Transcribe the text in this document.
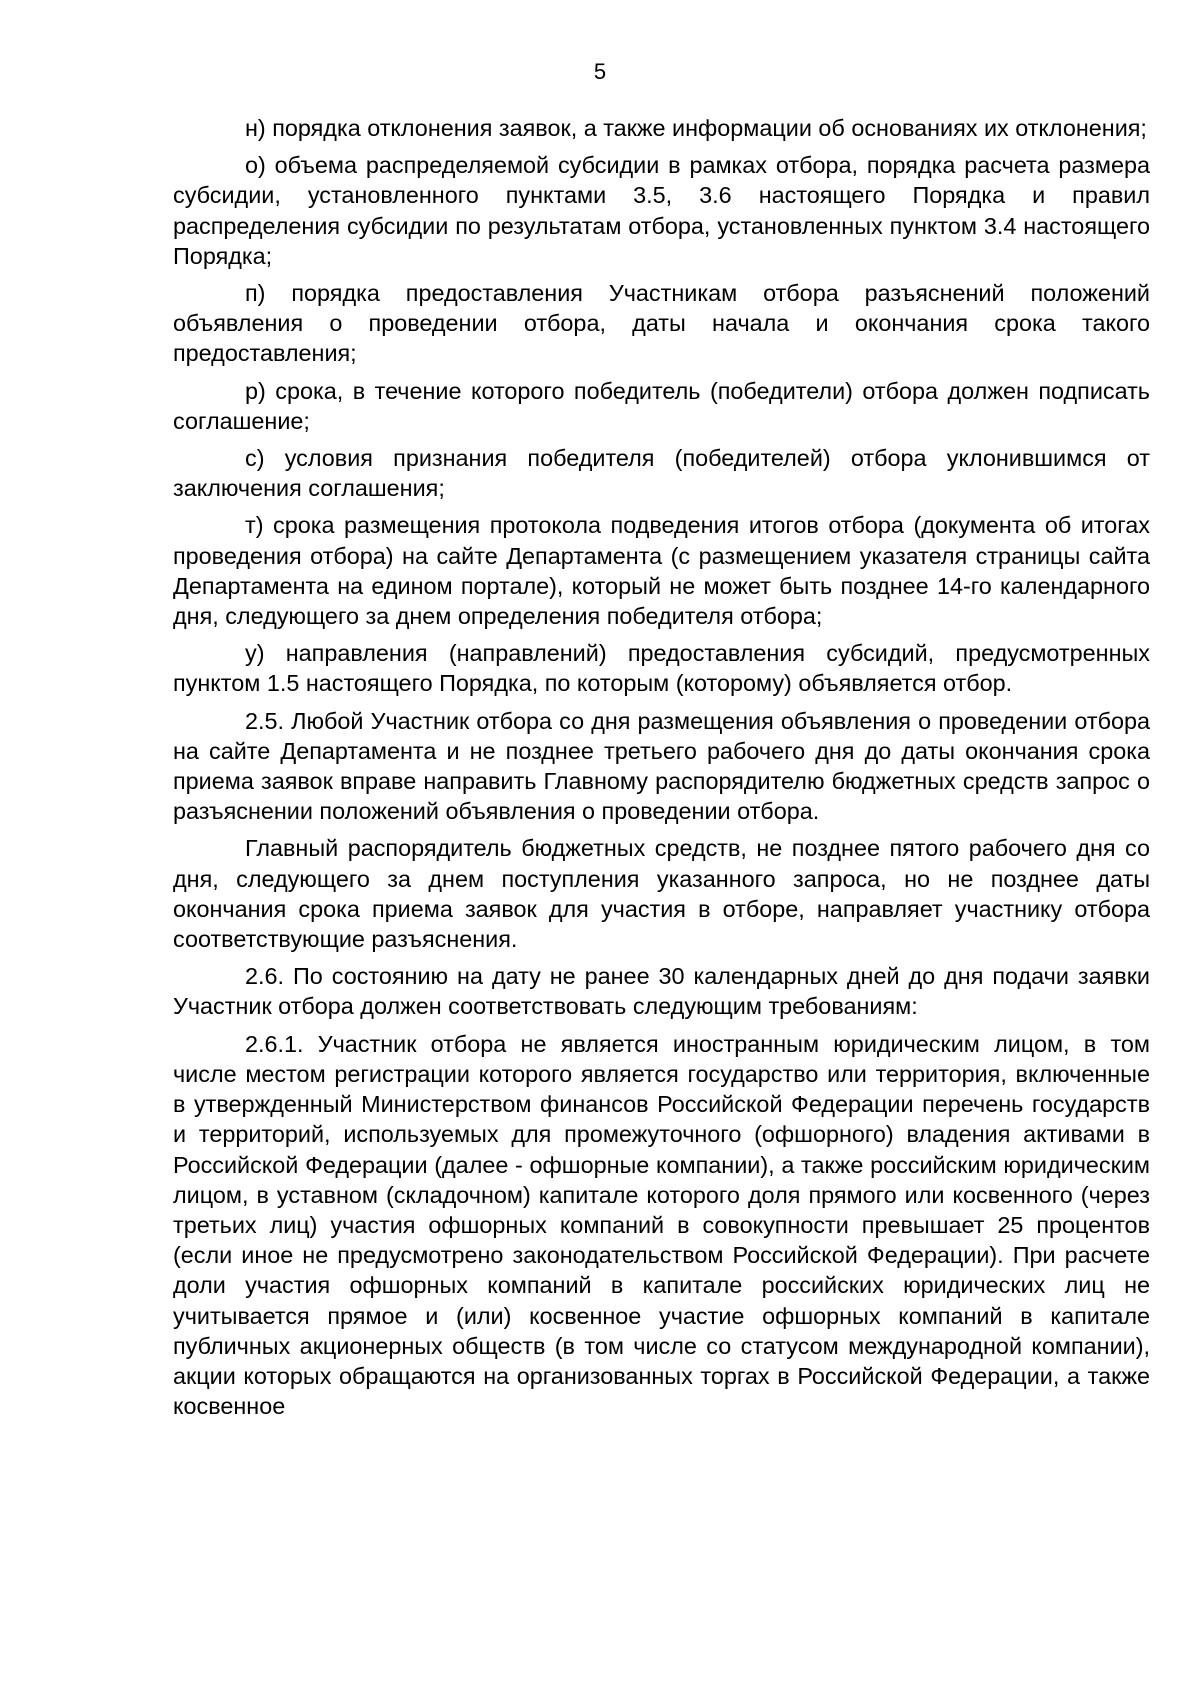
5

н) порядка отклонения заявок, а также информации об основаниях их отклонения;

о) объема распределяемой субсидии в рамках отбора, порядка расчета размера субсидии, установленного пунктами 3.5, 3.6 настоящего Порядка и правил распределения субсидии по результатам отбора, установленных пунктом 3.4 настоящего Порядка;

п) порядка предоставления Участникам отбора разъяснений положений объявления о проведении отбора, даты начала и окончания срока такого предоставления;

р) срока, в течение которого победитель (победители) отбора должен подписать соглашение;

с) условия признания победителя (победителей) отбора уклонившимся от заключения соглашения;

т) срока размещения протокола подведения итогов отбора (документа об итогах проведения отбора) на сайте Департамента (с размещением указателя страницы сайта Департамента на едином портале), который не может быть позднее 14-го календарного дня, следующего за днем определения победителя отбора;

у) направления (направлений) предоставления субсидий, предусмотренных пунктом 1.5 настоящего Порядка, по которым (которому) объявляется отбор.

2.5. Любой Участник отбора со дня размещения объявления о проведении отбора на сайте Департамента и не позднее третьего рабочего дня до даты окончания срока приема заявок вправе направить Главному распорядителю бюджетных средств запрос о разъяснении положений объявления о проведении отбора.

Главный распорядитель бюджетных средств, не позднее пятого рабочего дня со дня, следующего за днем поступления указанного запроса, но не позднее даты окончания срока приема заявок для участия в отборе, направляет участнику отбора соответствующие разъяснения.

2.6. По состоянию на дату не ранее 30 календарных дней до дня подачи заявки Участник отбора должен соответствовать следующим требованиям:

2.6.1. Участник отбора не является иностранным юридическим лицом, в том числе местом регистрации которого является государство или территория, включенные в утвержденный Министерством финансов Российской Федерации перечень государств и территорий, используемых для промежуточного (офшорного) владения активами в Российской Федерации (далее - офшорные компании), а также российским юридическим лицом, в уставном (складочном) капитале которого доля прямого или косвенного (через третьих лиц) участия офшорных компаний в совокупности превышает 25 процентов (если иное не предусмотрено законодательством Российской Федерации). При расчете доли участия офшорных компаний в капитале российских юридических лиц не учитывается прямое и (или) косвенное участие офшорных компаний в капитале публичных акционерных обществ (в том числе со статусом международной компании), акции которых обращаются на организованных торгах в Российской Федерации, а также косвенное
